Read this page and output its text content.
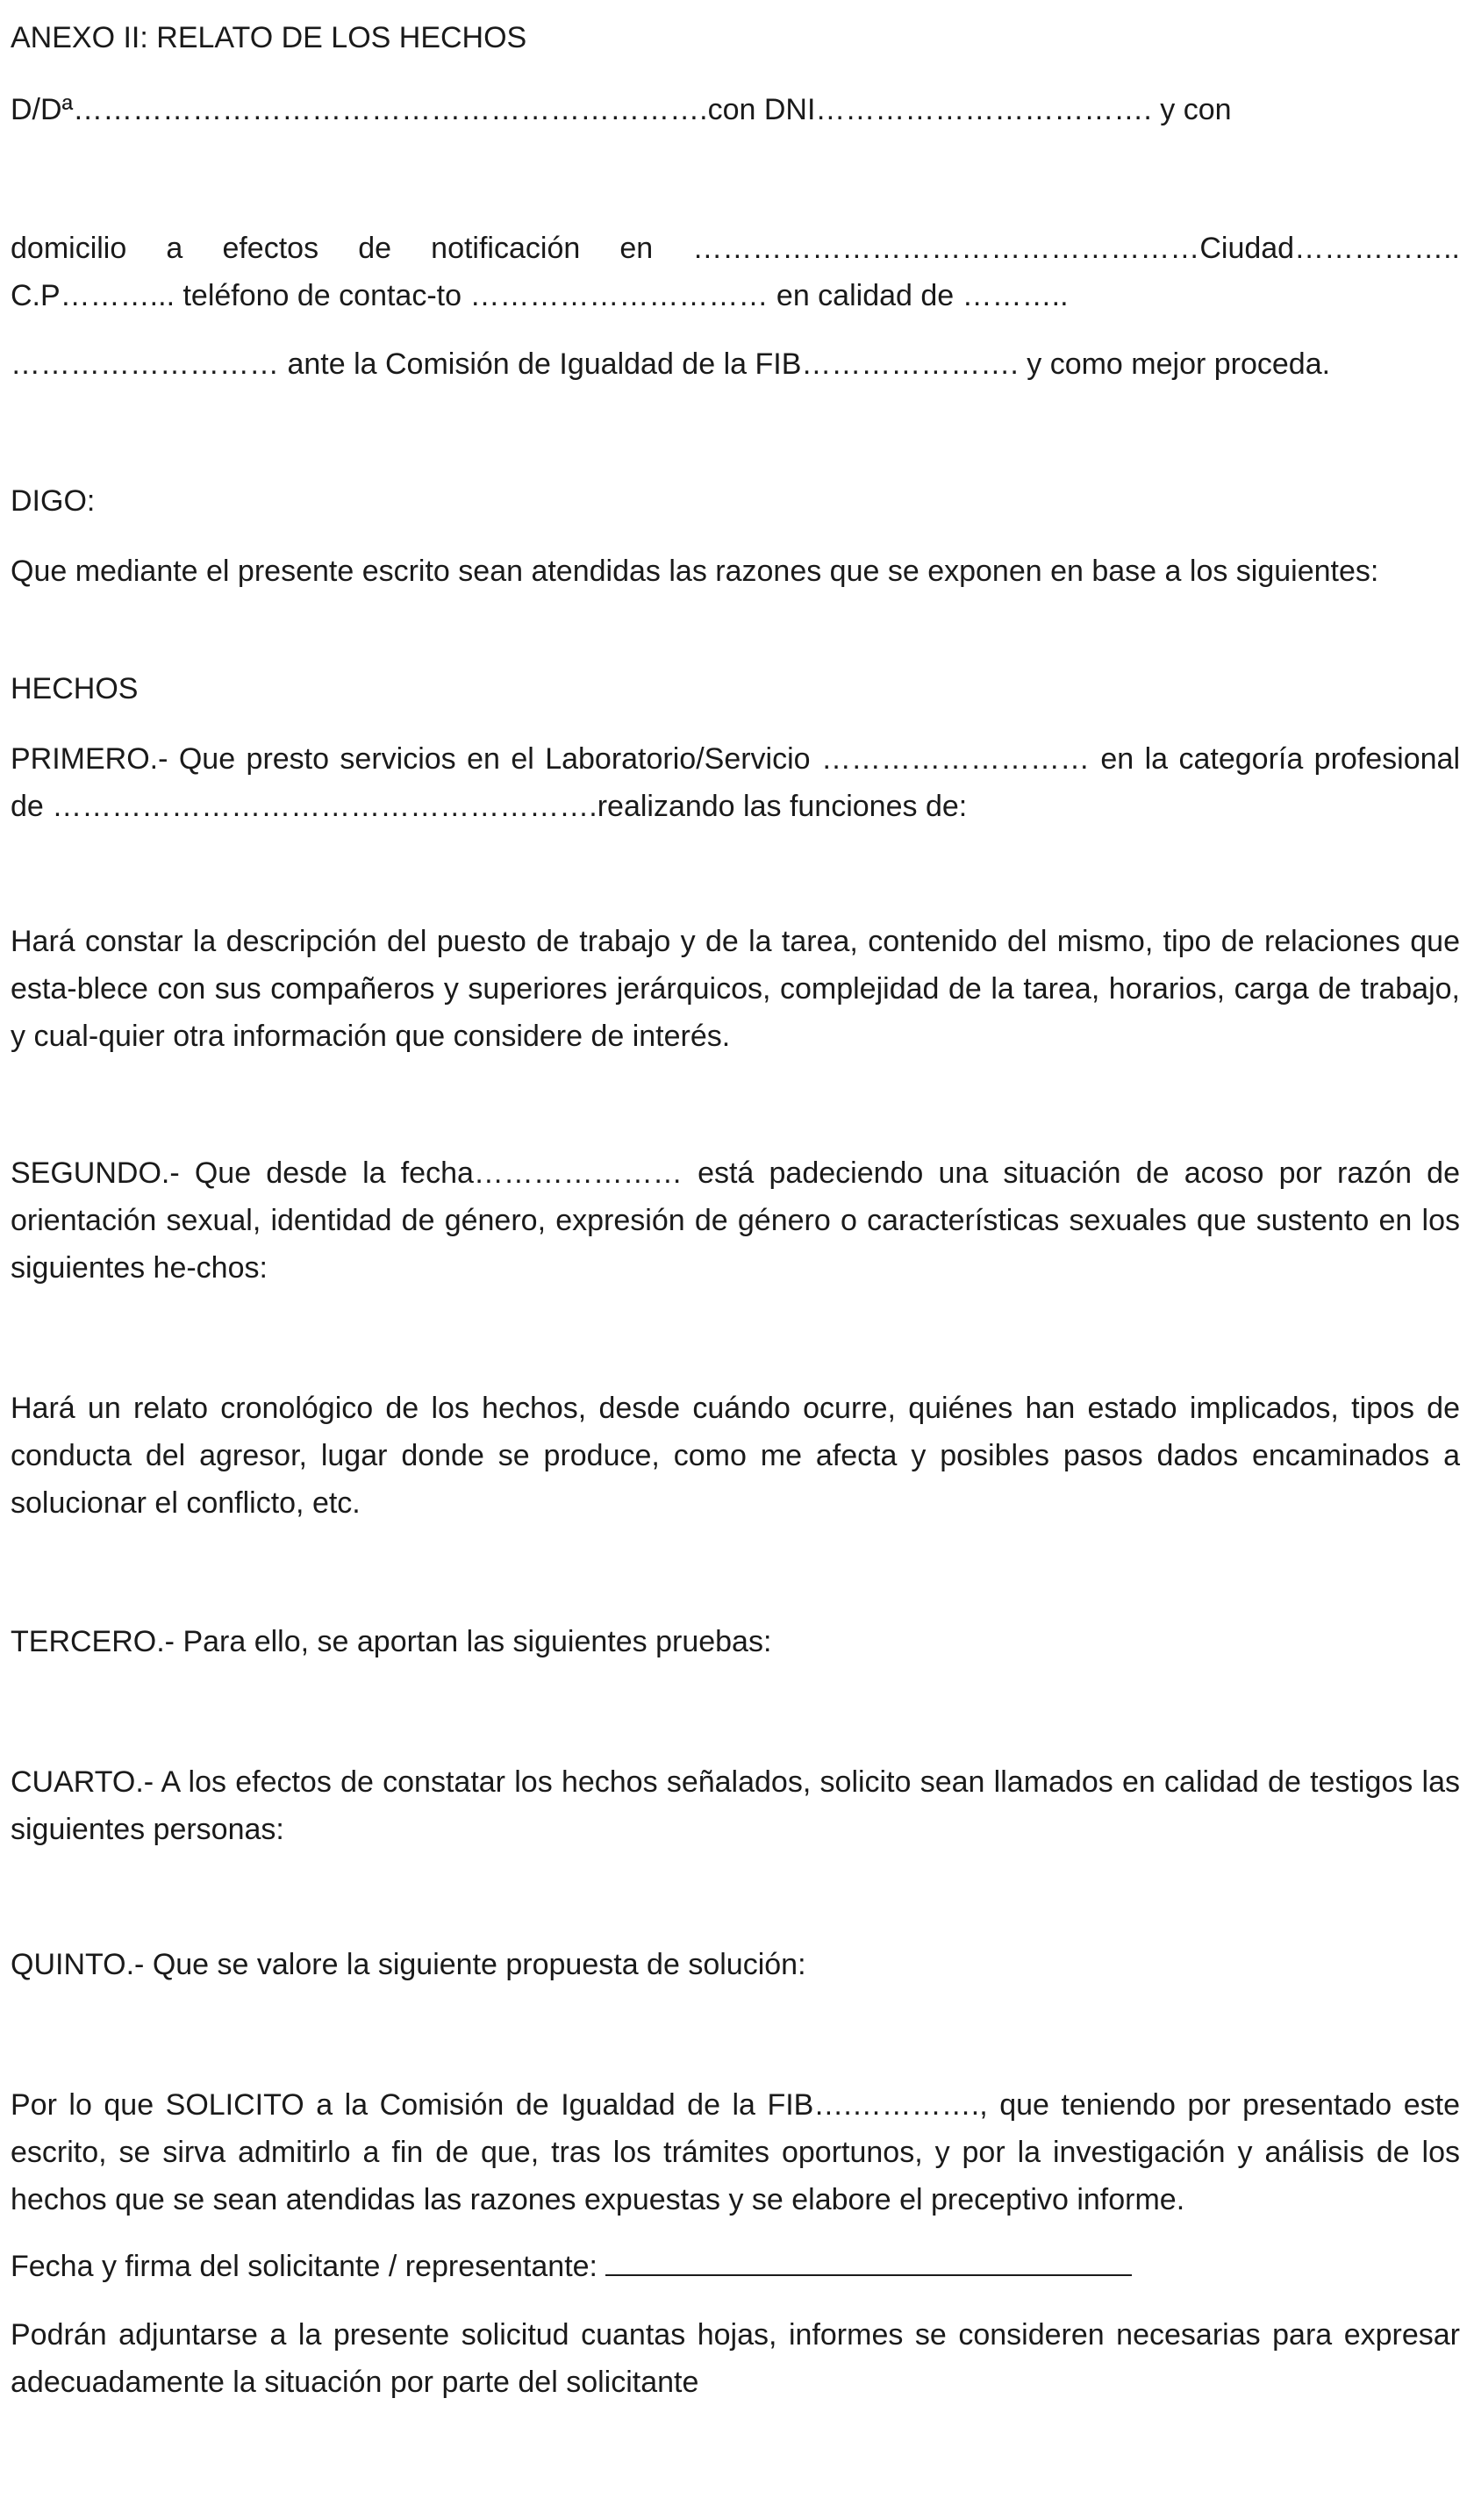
ANEXO II: RELATO DE LOS HECHOS

D/Dª……………………………………………………….con DNI……………………………. y con

domicilio a efectos de notificación en ……………………………………………Ciudad……………..

C.P………... teléfono de contac-to ………………………… en calidad de ………..

……………………… ante la Comisión de Igualdad de la FIB…………………. y como mejor proceda.

DIGO:

Que mediante el presente escrito sean atendidas las razones que se exponen en base a los siguientes:

HECHOS

PRIMERO.- Que presto servicios en el Laboratorio/Servicio ……………………… en la categoría profesional de ……………………………………………….realizando las funciones de:

Hará constar la descripción del puesto de trabajo y de la tarea, contenido del mismo, tipo de relaciones que esta-blece con sus compañeros y superiores jerárquicos, complejidad de la tarea, horarios, carga de trabajo, y cual-quier otra información que considere de interés.

SEGUNDO.- Que desde la fecha………………… está padeciendo una situación de acoso por razón de orientación sexual, identidad de género, expresión de género o características sexuales que sustento en los siguientes he-chos:

Hará un relato cronológico de los hechos, desde cuándo ocurre, quiénes han estado implicados, tipos de conducta del agresor, lugar donde se produce, como me afecta y posibles pasos dados encaminados a solucionar el conflicto, etc.

TERCERO.- Para ello, se aportan las siguientes pruebas:

CUARTO.- A los efectos de constatar los hechos señalados, solicito sean llamados en calidad de testigos las siguientes personas:

QUINTO.- Que se valore la siguiente propuesta de solución:

Por lo que SOLICITO a la Comisión de Igualdad de la FIB….…………., que teniendo por presentado este escrito, se sirva admitirlo a fin de que, tras los trámites oportunos, y por la investigación y análisis de los hechos que se sean atendidas las razones expuestas y se elabore el preceptivo informe.

Fecha y firma del solicitante / representante:

Podrán adjuntarse a la presente solicitud cuantas hojas, informes se consideren necesarias para expresar adecuadamente la situación por parte del solicitante
